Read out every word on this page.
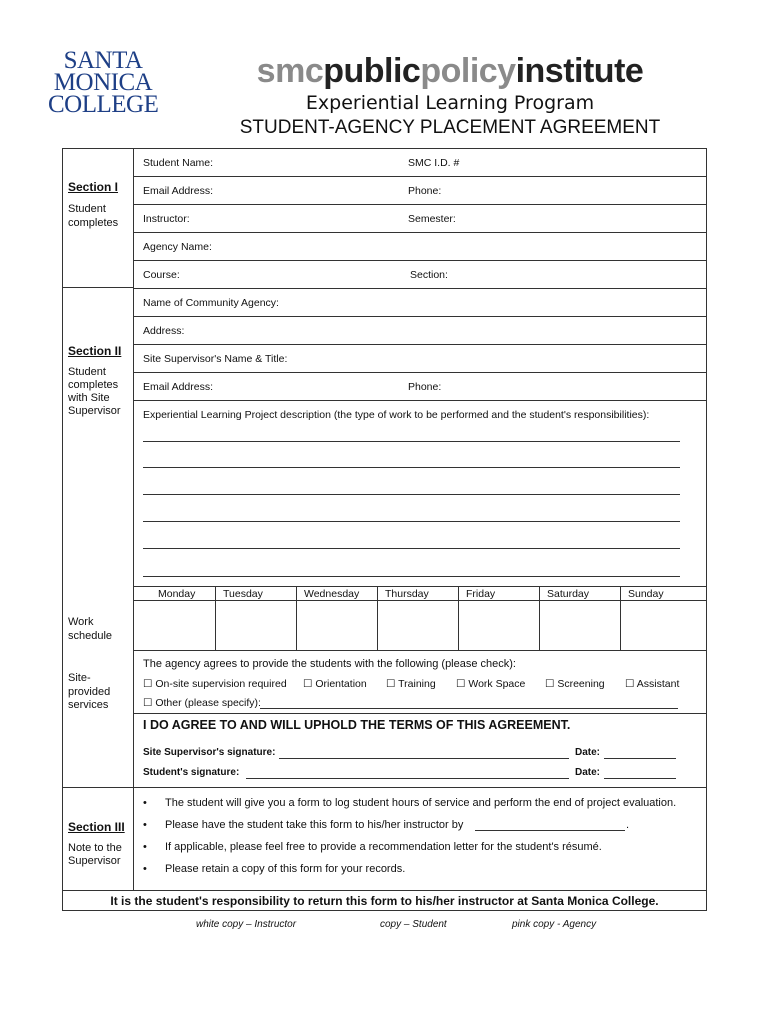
SANTA
MONICA
COLLEGE
smcpublicpolicyinstitute
Experiential Learning Program
STUDENT-AGENCY PLACEMENT AGREEMENT
Section I
Student completes
Student Name:	SMC I.D. #
Email Address:	Phone:
Instructor:	Semester:
Agency Name:
Course:	Section:
Section II
Student
completes
with Site
Supervisor
Name of Community Agency:
Address:
Site Supervisor's Name & Title:
Email Address:	Phone:
Experiential Learning Project description (the type of work to be performed and the student's responsibilities):
Monday	Tuesday	Wednesday Thursday	Friday	Saturday	Sunday
Work
schedule
Site-
provided
services
The agency agrees to provide the students with the following (please check):
☐ On-site supervision required ☐ Orientation ☐ Training ☐ Work Space ☐ Screening ☐ Assistant
☐ Other (please specify):
I DO AGREE TO AND WILL UPHOLD THE TERMS OF THIS AGREEMENT.
Site Supervisor's signature:	Date:
Student's signature:	Date:
Section III
Note to the
Supervisor
• The student will give you a form to log student hours of service and perform the end of project evaluation.
• Please have the student take this form to his/her instructor by	.
• If applicable, please feel free to provide a recommendation letter for the student's résumé.
• Please retain a copy of this form for your records.
It is the student's responsibility to return this form to his/her instructor at Santa Monica College.
white copy – Instructor	copy – Student	pink copy - Agency
